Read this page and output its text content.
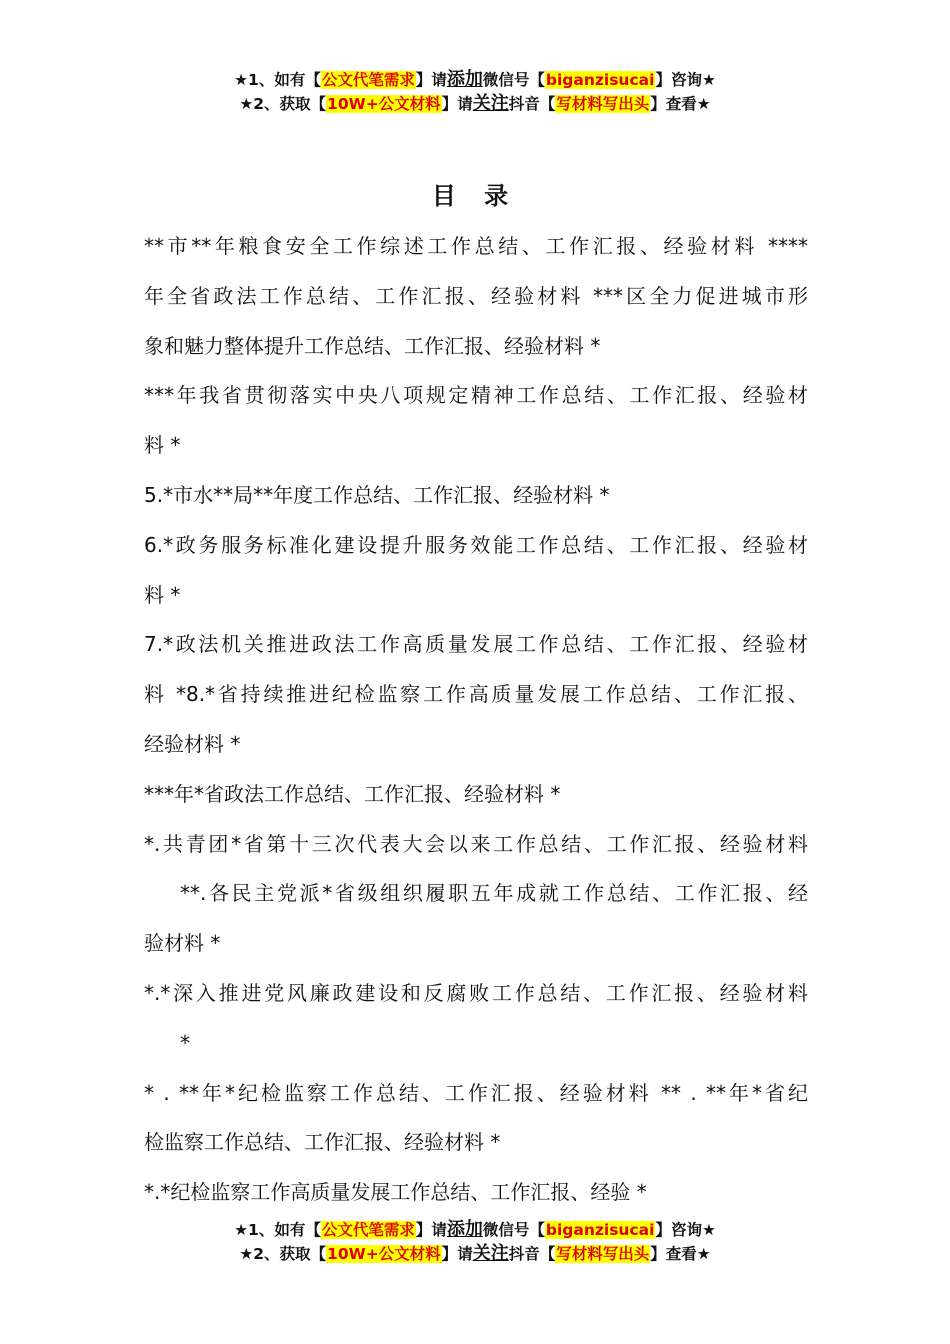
★1、如有【公文代笔需求】请添加微信号【biganzisucai】咨询★
★2、获取【10W+公文材料】请关注抖音【写材料写出头】查看★
目 录
**市**年粮食安全工作综述工作总结、工作汇报、经验材料 ****
年全省政法工作总结、工作汇报、经验材料 ***区全力促进城市形
象和魅力整体提升工作总结、工作汇报、经验材料 *
***年我省贯彻落实中央八项规定精神工作总结、工作汇报、经验材
料 *
5.*市水**局**年度工作总结、工作汇报、经验材料 *
6.*政务服务标准化建设提升服务效能工作总结、工作汇报、经验材
料 *
7.*政法机关推进政法工作高质量发展工作总结、工作汇报、经验材
料 *8.*省持续推进纪检监察工作高质量发展工作总结、工作汇报、
经验材料 *
***年*省政法工作总结、工作汇报、经验材料 *
*.共青团*省第十三次代表大会以来工作总结、工作汇报、经验材料
**.各民主党派*省级组织履职五年成就工作总结、工作汇报、经
验材料 *
*.*深入推进党风廉政建设和反腐败工作总结、工作汇报、经验材料
*
* . **年*纪检监察工作总结、工作汇报、经验材料 ** . **年*省纪
检监察工作总结、工作汇报、经验材料 *
*.*纪检监察工作高质量发展工作总结、工作汇报、经验 *
★1、如有【公文代笔需求】请添加微信号【biganzisucai】咨询★
★2、获取【10W+公文材料】请关注抖音【写材料写出头】查看★
